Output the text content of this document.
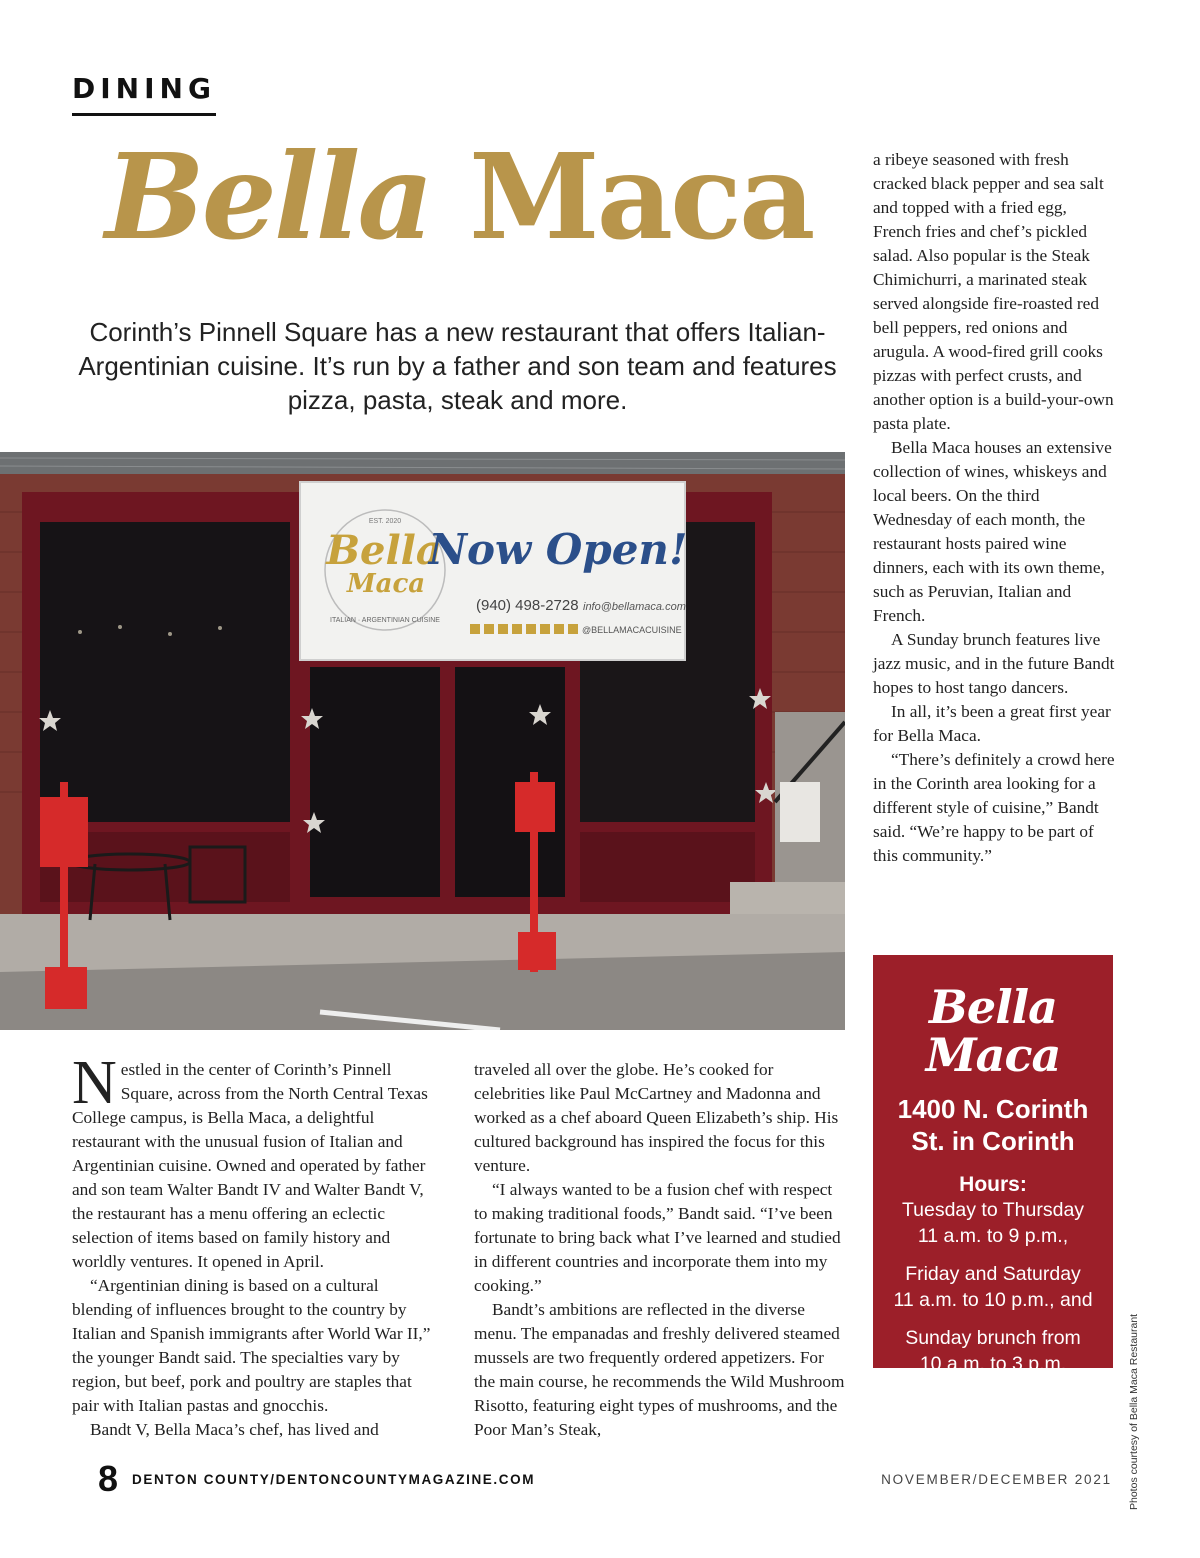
DINING
Bella Maca
Corinth’s Pinnell Square has a new restaurant that offers Italian-Argentinian cuisine. It’s run by a father and son team and features pizza, pasta, steak and more.
EST. 2020
Bella
Maca
ITALIAN · ARGENTINIAN CUISINE
Now Open!
(940) 498-2728 info@bellamaca.com
@BELLAMACACUISINE

Nestled in the center of Corinth’s Pinnell Square, across from the North Central Texas College campus, is Bella Maca, a delightful restaurant with the unusual fusion of Italian and Argentinian cuisine. Owned and operated by father and son team Walter Bandt IV and Walter Bandt V, the restaurant has a menu offering an eclectic selection of items based on family history and worldly ventures. It opened in April.

“Argentinian dining is based on a cultural blending of influences brought to the country by Italian and Spanish immigrants after World War II,” the younger Bandt said. The specialties vary by region, but beef, pork and poultry are staples that pair with Italian pastas and gnocchis.

Bandt V, Bella Maca’s chef, has lived and

traveled all over the globe. He’s cooked for celebrities like Paul McCartney and Madonna and worked as a chef aboard Queen Elizabeth’s ship. His cultured background has inspired the focus for this venture.

“I always wanted to be a fusion chef with respect to making traditional foods,” Bandt said. “I’ve been fortunate to bring back what I’ve learned and studied in different countries and incorporate them into my cooking.”

Bandt’s ambitions are reflected in the diverse menu. The empanadas and freshly delivered steamed mussels are two frequently ordered appetizers. For the main course, he recommends the Wild Mushroom Risotto, featuring eight types of mushrooms, and the Poor Man’s Steak,

a ribeye seasoned with fresh cracked black pepper and sea salt and topped with a fried egg, French fries and chef’s pickled salad. Also popular is the Steak Chimichurri, a marinated steak served alongside fire-roasted red bell peppers, red onions and arugula. A wood-fired grill cooks pizzas with perfect crusts, and another option is a build-your-own pasta plate.

Bella Maca houses an extensive collection of wines, whiskeys and local beers. On the third Wednesday of each month, the restaurant hosts paired wine dinners, each with its own theme, such as Peruvian, Italian and French.

A Sunday brunch features live jazz music, and in the future Bandt hopes to host tango dancers.

In all, it’s been a great first year for Bella Maca.

“There’s definitely a crowd here in the Corinth area looking for a different style of cuisine,” Bandt said. “We’re happy to be part of this community.”

Bella
Maca
1400 N. Corinth
St. in Corinth
Hours:
Tuesday to Thursday
11 a.m. to 9 p.m.,
Friday and Saturday
11 a.m. to 10 p.m., and
Sunday brunch from
10 a.m. to 3 p.m.
BellaMaca.com	Photos courtesy of Bella Maca Restaurant
8 DENTON COUNTY/DENTONCOUNTYMAGAZINE.COM	NOVEMBER/DECEMBER 2021
